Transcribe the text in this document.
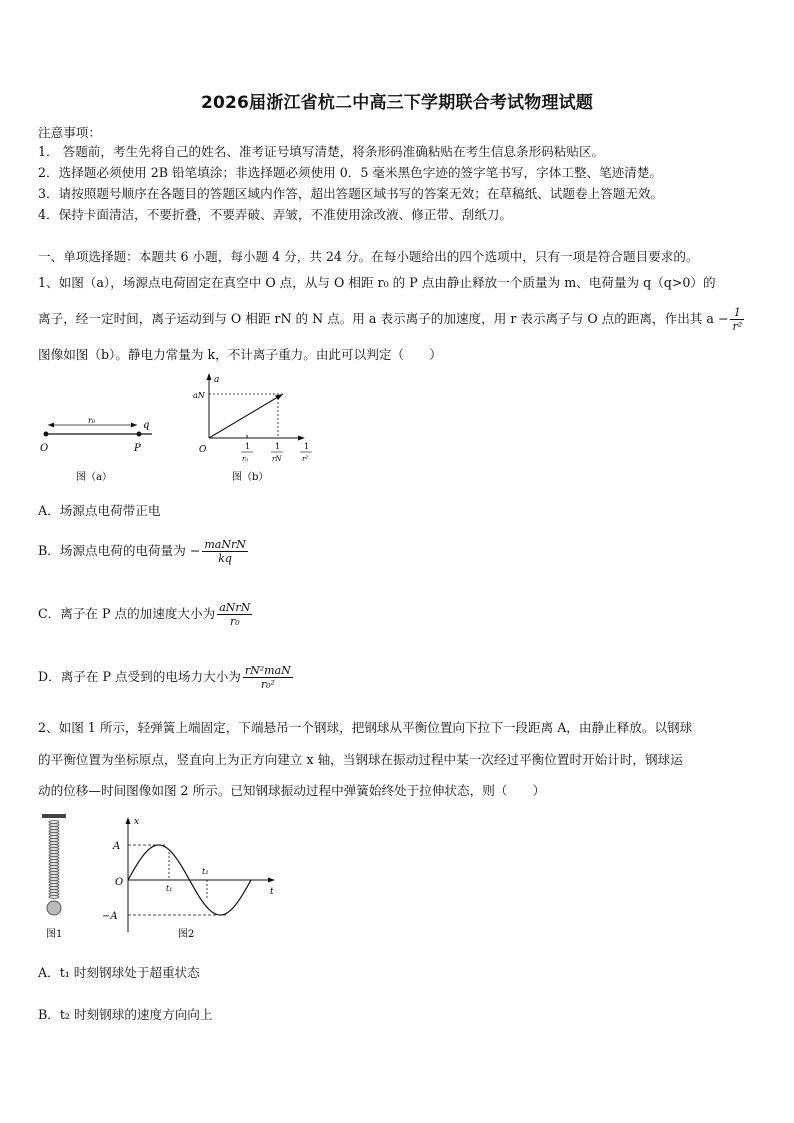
2026届浙江省杭二中高三下学期联合考试物理试题
注意事项：
1． 答题前，考生先将自己的姓名、准考证号填写清楚，将条形码准确粘贴在考生信息条形码粘贴区。
2．选择题必须使用 2B 铅笔填涂；非选择题必须使用 0．5 毫米黑色字迹的签字笔书写，字体工整、笔迹清楚。
3．请按照题号顺序在各题目的答题区域内作答，超出答题区域书写的答案无效；在草稿纸、试题卷上答题无效。
4．保持卡面清洁，不要折叠，不要弄破、弄皱，不准使用涂改液、修正带、刮纸刀。
一、单项选择题：本题共 6 小题，每小题 4 分，共 24 分。在每小题给出的四个选项中，只有一项是符合题目要求的。
1、如图（a），场源点电荷固定在真空中 O 点，从与 O 相距 r₀ 的 P 点由静止释放一个质量为 m、电荷量为 q（q>0）的
离子，经一定时间，离子运动到与 O 相距 rN 的 N 点。用 a 表示离子的加速度，用 r 表示离子与 O 点的距离，作出其 $a - \frac{1}{\text{r²}}$
图像如图（b）。静电力常量为 k，不计离子重力。由此可以判定（　　）
r₀	q
O	P
图（a）
a
aN
O	1
r₀
1
rN
1
r²
图（b）
A．场源点电荷带正电
B．场源点电荷的电荷量为 − $\frac{\text{maNrN}}{kq}$
C．离子在 P 点的加速度大小为 $\frac{\text{aNrN}}{\text{r₀}}$
D．离子在 P 点受到的电场力大小为 $\frac{\text{rN²maN}}{\text{r₀²}}$
2、如图 1 所示，轻弹簧上端固定，下端悬吊一个钢球，把钢球从平衡位置向下拉下一段距离 A，由静止释放。以钢球
的平衡位置为坐标原点，竖直向上为正方向建立 x 轴，当钢球在振动过程中某一次经过平衡位置时开始计时，钢球运
动的位移—时间图像如图 2 所示。已知钢球振动过程中弹簧始终处于拉伸状态，则（　　）
图1
x
t
O
A
−A
t₁
t₂
图2
A．t₁ 时刻钢球处于超重状态
B．t₂ 时刻钢球的速度方向向上
